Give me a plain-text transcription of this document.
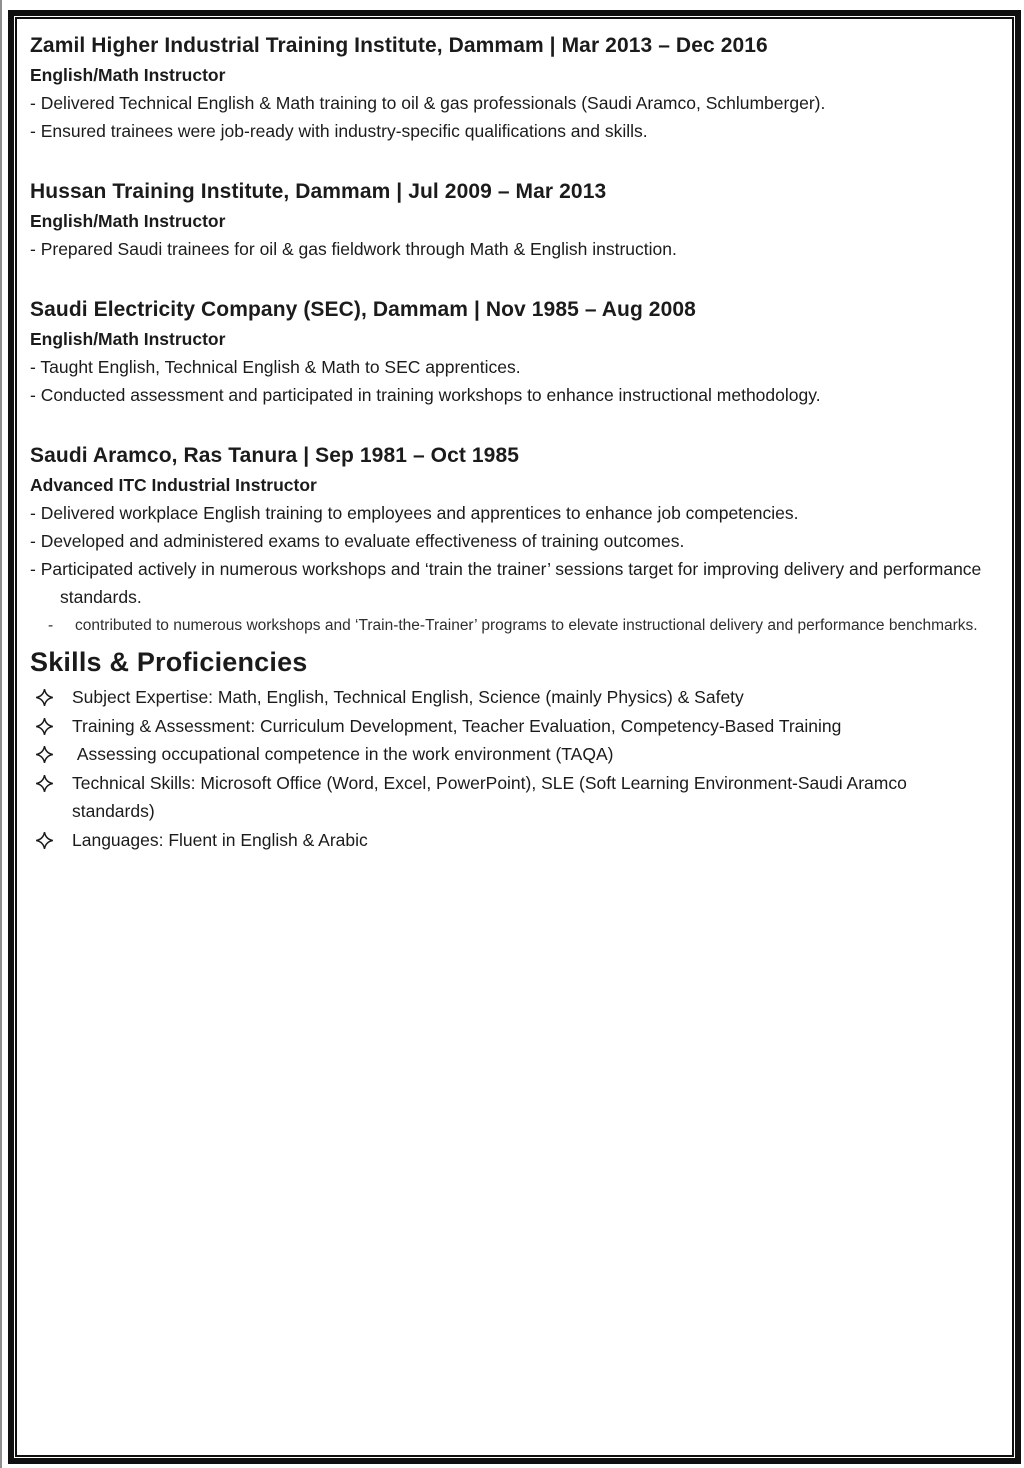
Zamil Higher Industrial Training Institute, Dammam | Mar 2013 – Dec 2016
English/Math Instructor

- Delivered Technical English & Math training to oil & gas professionals (Saudi Aramco, Schlumberger).

- Ensured trainees were job-ready with industry-specific qualifications and skills.

Hussan Training Institute, Dammam | Jul 2009 – Mar 2013
English/Math Instructor

- Prepared Saudi trainees for oil & gas fieldwork through Math & English instruction.

Saudi Electricity Company (SEC), Dammam | Nov 1985 – Aug 2008
English/Math Instructor

- Taught English, Technical English & Math to SEC apprentices.

- Conducted assessment and participated in training workshops to enhance instructional methodology.

Saudi Aramco, Ras Tanura | Sep 1981 – Oct 1985
Advanced ITC Industrial Instructor

- Delivered workplace English training to employees and apprentices to enhance job competencies.

- Developed and administered exams to evaluate effectiveness of training outcomes.

- Participated actively in numerous workshops and ‘train the trainer’ sessions target for improving delivery and performance standards.

-	contributed to numerous workshops and ‘Train-the-Trainer’ programs to elevate instructional delivery and performance benchmarks.
Skills & Proficiencies
Subject Expertise: Math, English, Technical English, Science (mainly Physics) & Safety
Training & Assessment: Curriculum Development, Teacher Evaluation, Competency-Based Training
Assessing occupational competence in the work environment (TAQA)
Technical Skills: Microsoft Office (Word, Excel, PowerPoint), SLE (Soft Learning Environment-Saudi Aramco standards)
Languages: Fluent in English & Arabic
